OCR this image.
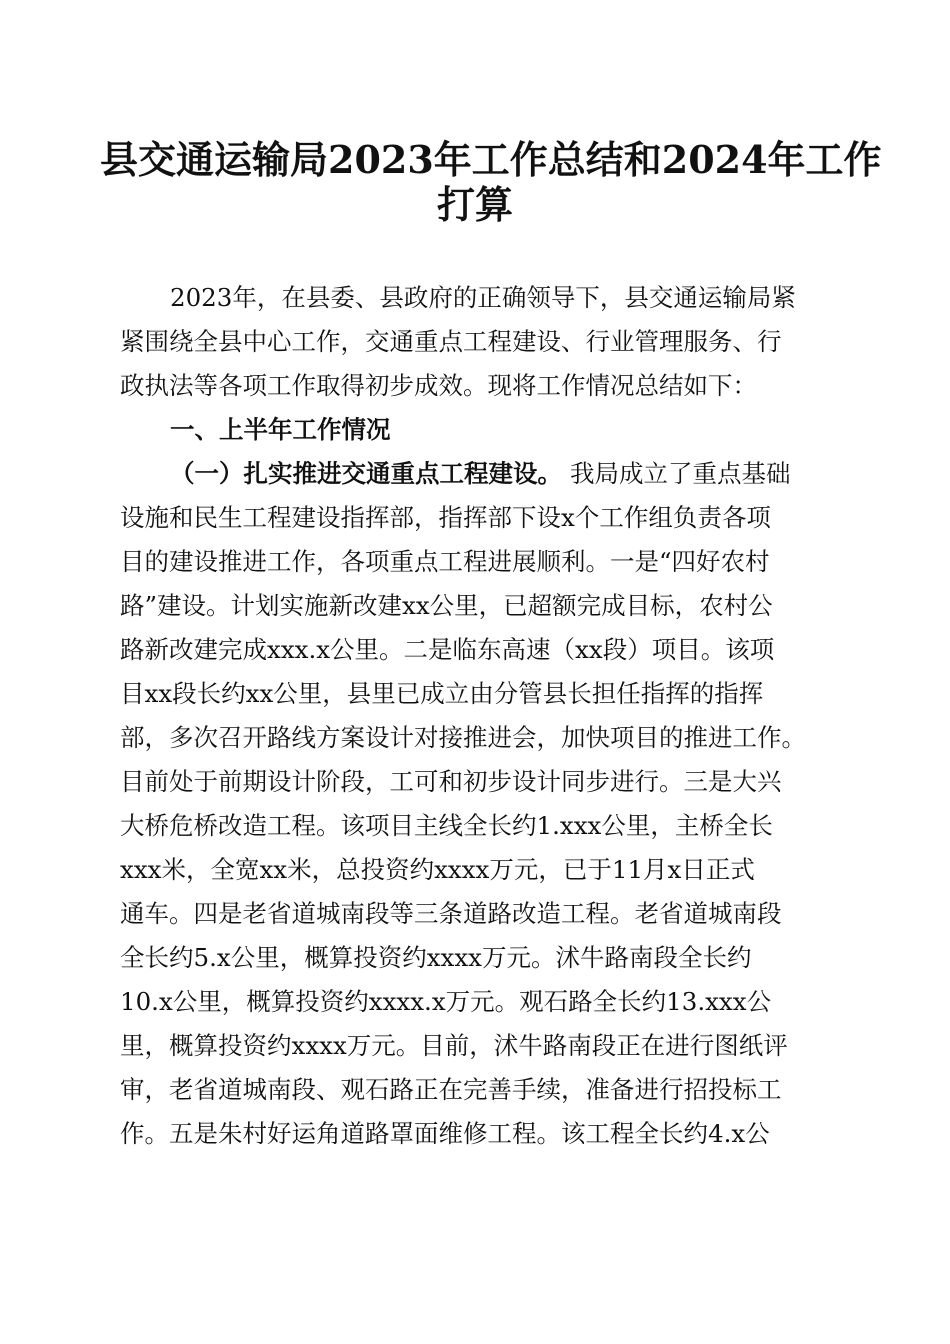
县交通运输局2023年工作总结和2024年工作
打算
2023年，在县委、县政府的正确领导下，县交通运输局紧
紧围绕全县中心工作，交通重点工程建设、行业管理服务、行
政执法等各项工作取得初步成效。现将工作情况总结如下：
一、上半年工作情况
（一）扎实推进交通重点工程建设。 我局成立了重点基础
设施和民生工程建设指挥部，指挥部下设x个工作组负责各项
目的建设推进工作，各项重点工程进展顺利。一是“四好农村
路”建设。计划实施新改建xx公里，已超额完成目标，农村公
路新改建完成xxx.x公里。二是临东高速（xx段）项目。该项
目xx段长约xx公里，县里已成立由分管县长担任指挥的指挥
部，多次召开路线方案设计对接推进会，加快项目的推进工作。
目前处于前期设计阶段，工可和初步设计同步进行。三是大兴
大桥危桥改造工程。该项目主线全长约1.xxx公里，主桥全长
xxx米，全宽xx米，总投资约xxxx万元，已于11月x日正式
通车。四是老省道城南段等三条道路改造工程。老省道城南段
全长约5.x公里，概算投资约xxxx万元。沭牛路南段全长约
10.x公里，概算投资约xxxx.x万元。观石路全长约13.xxx公
里，概算投资约xxxx万元。目前，沭牛路南段正在进行图纸评
审，老省道城南段、观石路正在完善手续，准备进行招投标工
作。五是朱村好运角道路罩面维修工程。该工程全长约4.x公
